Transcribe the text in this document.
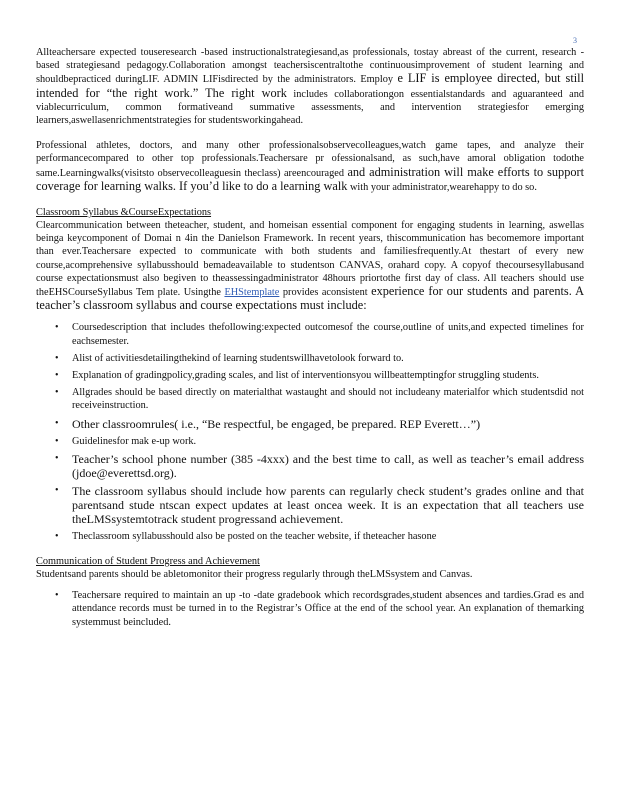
3

Allteachersare expected touseresearch -based instructionalstrategiesand,as professionals, tostay abreast of the current, research -based strategiesand pedagogy.Collaboration amongst teachersiscentraltothe continuousimprovement of student learning and shouldbepracticed duringLIF. ADMIN LIFisdirected by the administrators. Employ e LIF is employee directed, but still intended for “the right work.” The right work includes collaborationgon essentialstandards and aguaranteed and viablecurriculum, common formativeand summative assessments, and intervention strategiesfor emerging learners,aswellasenrichmentstrategies for studentsworkingahead.

Professional athletes, doctors, and many other professionalsobservecolleagues,watch game tapes, and analyze their performancecompared to other top professionals.Teachersare pr ofessionalsand, as such,have amoral obligation todothe same.Learningwalks(visitsto observecolleaguesin theclass) areencouraged and administration will make efforts to support coverage for learning walks. If you’d like to do a learning walk with your administrator,wearehappy to do so.

Classroom Syllabus &CourseExpectations

Clearcommunication between theteacher, student, and homeisan essential component for engaging students in learning, aswellas beinga keycomponent of Domai n 4in the Danielson Framework. In recent years, thiscommunication has becomemore important than ever.Teachersare expected to communicate with both students and familiesfrequently.At thestart of every new course,acomprehensive syllabusshould bemadeavailable to studentson CANVAS, orahard copy. A copyof thecoursesyllabusand course expectationsmust also begiven to theassessingadministrator 48hours priortothe first day of class. All teachers should use theEHSCourseSyllabus Tem plate. Usingthe EHStemplate provides aconsistent experience for our students and parents. A teacher’s classroom syllabus and course expectations must include:

• Coursedescription that includes thefollowing:expected outcomesof the course,outline of units,and expected timelines for eachsemester.
• Alist of activitiesdetailingthekind of learning studentswillhavetolook forward to.
• Explanation of gradingpolicy,grading scales, and list of interventionsyou willbeattemptingfor struggling students.
• Allgrades should be based directly on materialthat wastaught and should not includeany materialfor which studentsdid not receiveinstruction.
• Other classroomrules( i.e., “Be respectful, be engaged, be prepared. REP Everett…”)
• Guidelinesfor mak e-up work.
• Teacher’s school phone number (385 -4xxx) and the best time to call, as well as teacher’s email address (jdoe@everettsd.org).
• The classroom syllabus should include how parents can regularly check student’s grades online and that parentsand stude ntscan expect updates at least oncea week. It is an expectation that all teachers use theLMSsystemtotrack student progressand achievement.
• Theclassroom syllabusshould also be posted on the teacher website, if theteacher hasone

Communication of Student Progress and Achievement

Studentsand parents should be abletomonitor their progress regularly through theLMSsystem and Canvas.

• Teachersare required to maintain an up -to -date gradebook which recordsgrades,student absences and tardies.Grad es and attendance records must be turned in to the Registrar’s Office at the end of the school year. An explanation of themarking systemmust beincluded.
